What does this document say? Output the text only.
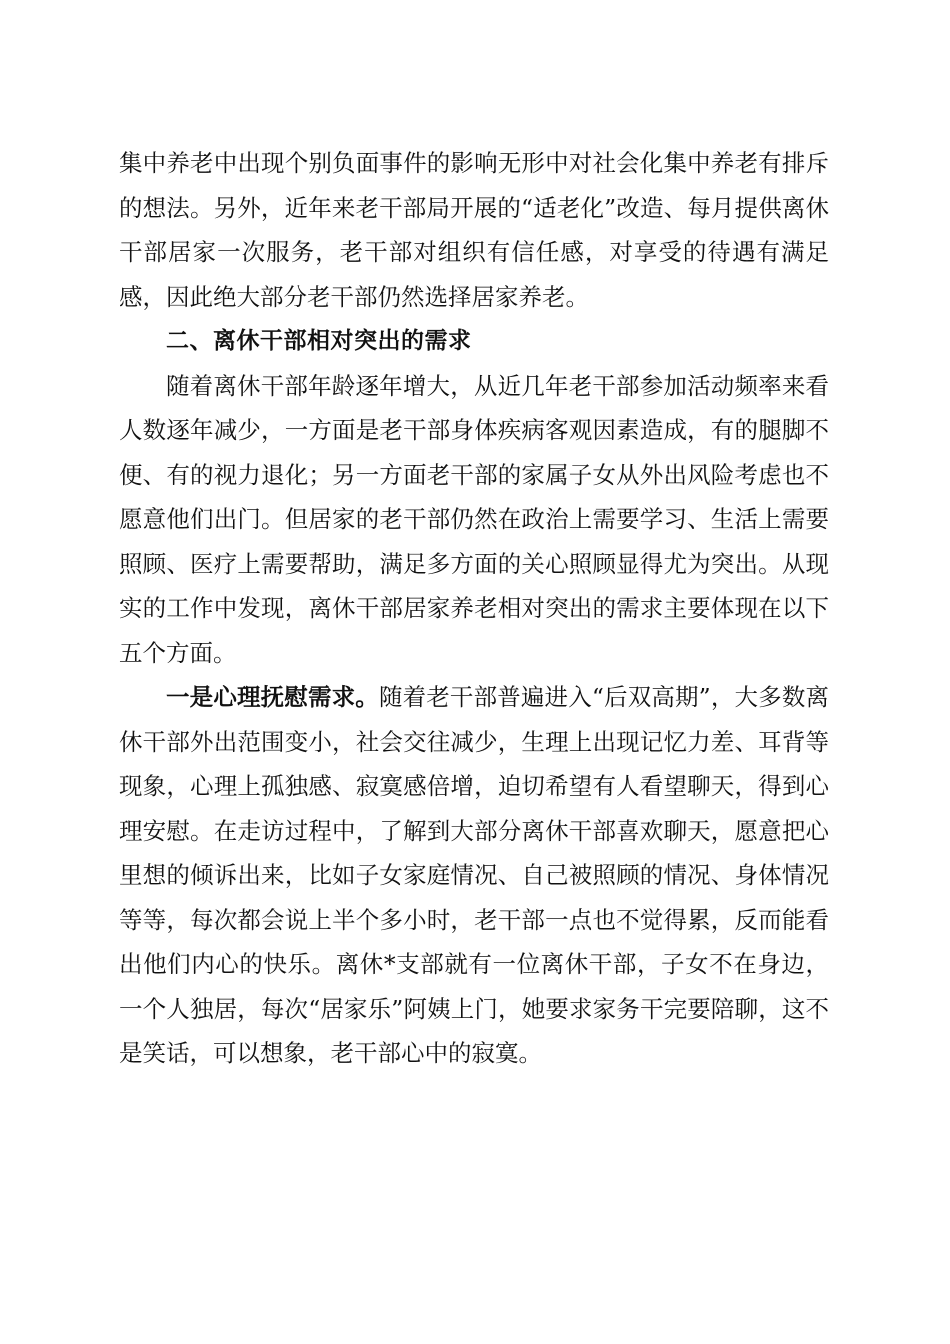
集中养老中出现个别负面事件的影响无形中对社会化集中养老有排斥的想法。另外，近年来老干部局开展的“适老化”改造、每月提供离休干部居家一次服务，老干部对组织有信任感，对享受的待遇有满足感，因此绝大部分老干部仍然选择居家养老。

二、离休干部相对突出的需求

随着离休干部年龄逐年增大，从近几年老干部参加活动频率来看人数逐年减少，一方面是老干部身体疾病客观因素造成，有的腿脚不便、有的视力退化；另一方面老干部的家属子女从外出风险考虑也不愿意他们出门。但居家的老干部仍然在政治上需要学习、生活上需要照顾、医疗上需要帮助，满足多方面的关心照顾显得尤为突出。从现实的工作中发现，离休干部居家养老相对突出的需求主要体现在以下五个方面。

一是心理抚慰需求。随着老干部普遍进入“后双高期”，大多数离休干部外出范围变小，社会交往减少，生理上出现记忆力差、耳背等现象，心理上孤独感、寂寞感倍增，迫切希望有人看望聊天，得到心理安慰。在走访过程中，了解到大部分离休干部喜欢聊天，愿意把心里想的倾诉出来，比如子女家庭情况、自己被照顾的情况、身体情况等等，每次都会说上半个多小时，老干部一点也不觉得累，反而能看出他们内心的快乐。离休*支部就有一位离休干部，子女不在身边，一个人独居，每次“居家乐”阿姨上门，她要求家务干完要陪聊，这不是笑话，可以想象，老干部心中的寂寞。
